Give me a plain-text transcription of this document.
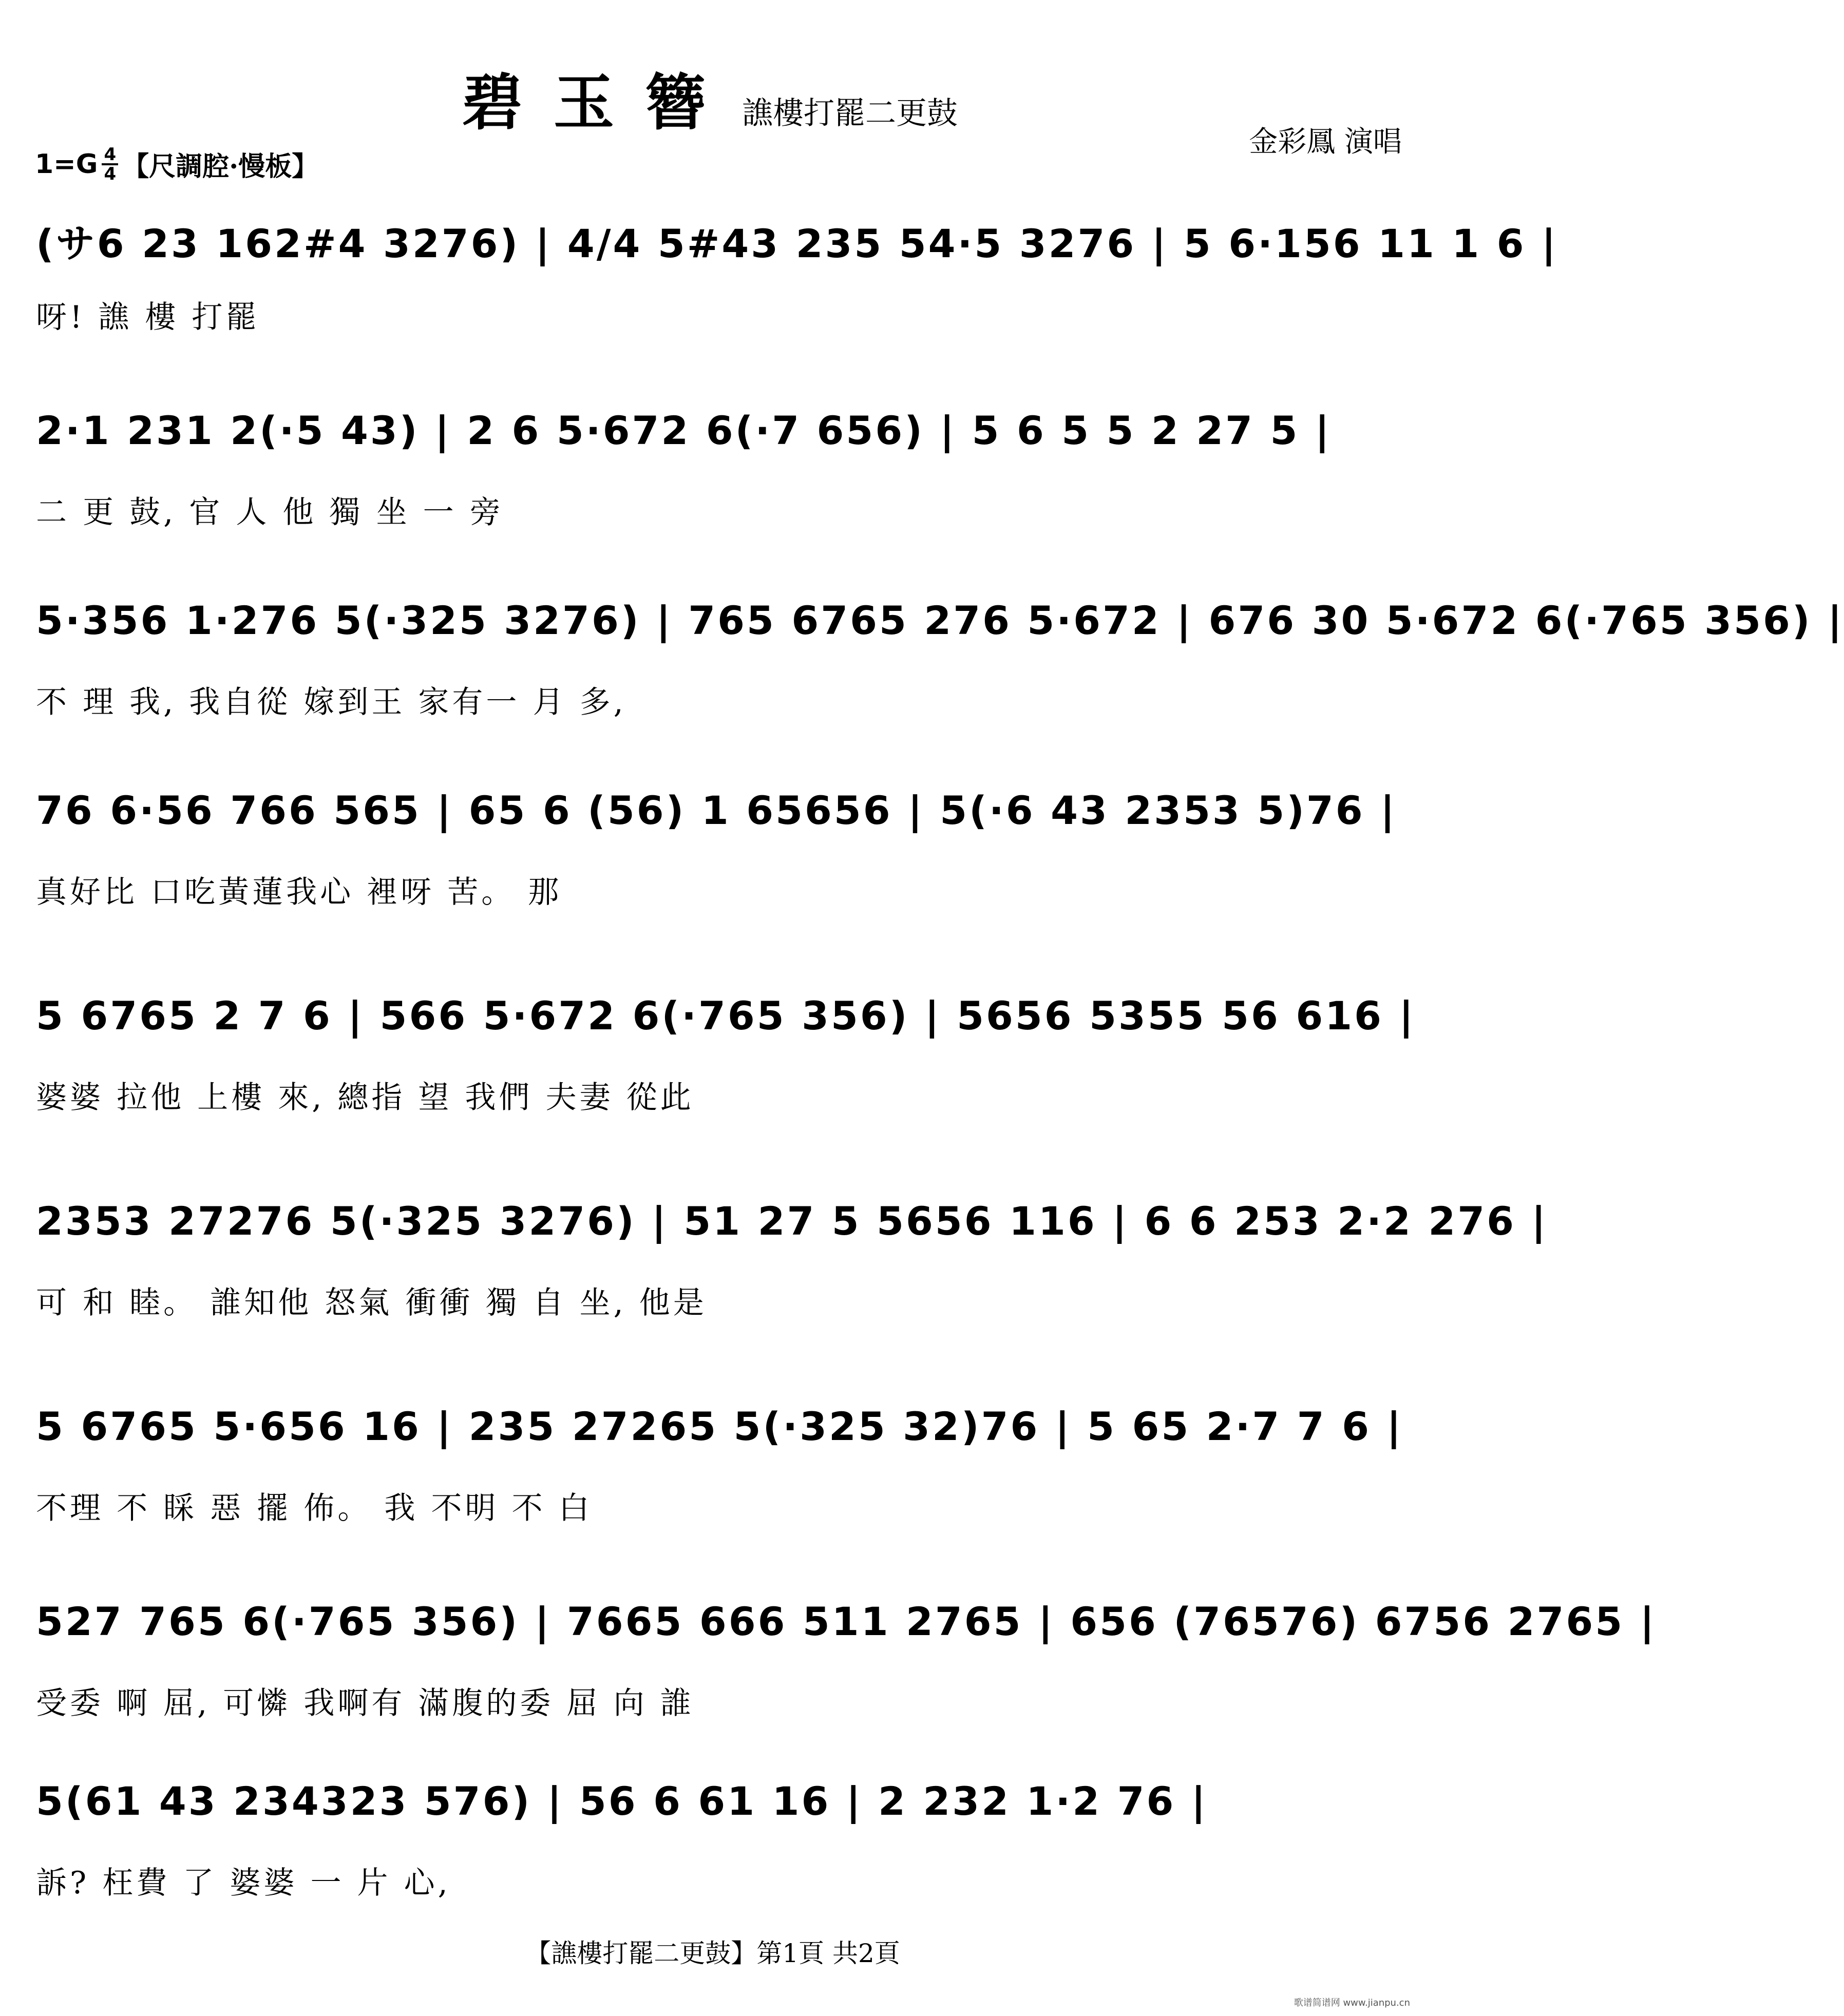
碧玉簪 譙樓打罷二更鼓
金彩鳳 演唱
$1=G \frac{4}{4}$ 【尺調腔·慢板】
(サ6 23 162#4 3276) | 4/4 5#43 235 54·5 3276 | 5 6·156 11 1 6 |
呀! 譙 樓 打罷
2·1 231 2(·5 43) | 2 6 5·672 6(·7 656) | 5 6 5 5 2 27 5 |
二 更 鼓, 官 人 他 獨 坐 一 旁
5·356 1·276 5(·325 3276) | 765 6765 276 5·672 | 676 30 5·672 6(·765 356) |
不 理 我, 我自從 嫁到王 家有一 月 多,
76 6·56 766 565 | 65 6 (56) 1 65656 | 5(·6 43 2353 5)76 |
真好比 口吃黃蓮我心 裡呀 苦。 那
5 6765 2 7 6 | 566 5·672 6(·765 356) | 5656 5355 56 616 |
婆婆 拉他 上樓 來, 總指 望 我們 夫妻 從此
2353 27276 5(·325 3276) | 51 27 5 5656 116 | 6 6 253 2·2 276 |
可 和 睦。 誰知他 怒氣 衝衝 獨 自 坐, 他是
5 6765 5·656 16 | 235 27265 5(·325 32)76 | 5 65 2·7 7 6 |
不理 不 睬 惡 擺 佈。 我 不明 不 白
527 765 6(·765 356) | 7665 666 511 2765 | 656 (76576) 6756 2765 |
受委 啊 屈, 可憐 我啊有 滿腹的委 屈 向 誰
5(61 43 234323 576) | 56 6 61 16 | 2 232 1·2 76 |
訴? 枉費 了 婆婆 一 片 心,
【譙樓打罷二更鼓】第1頁 共2頁
歌谱简谱网 www.jianpu.cn
